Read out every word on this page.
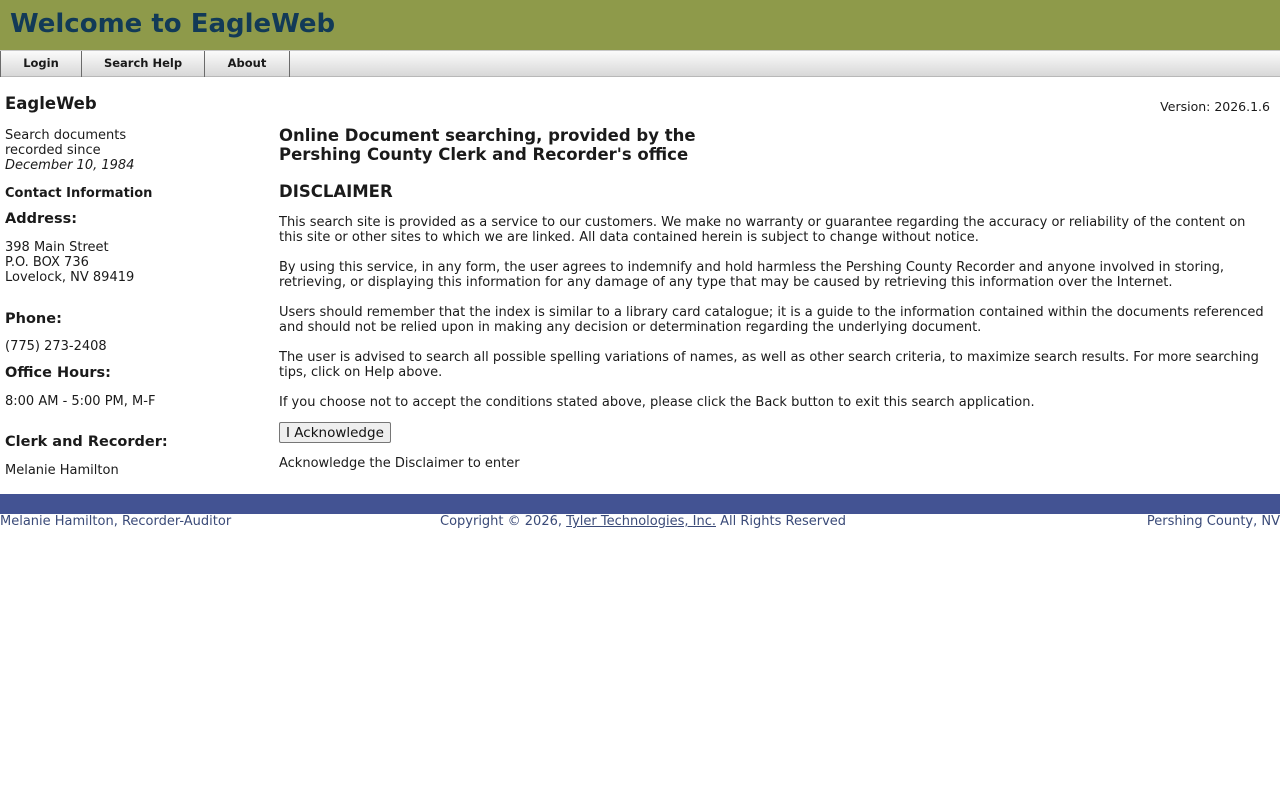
Welcome to EagleWeb
Login	Search Help	About
EagleWeb
Search documents
recorded since
December 10, 1984
Contact Information
Address:
398 Main Street
P.O. BOX 736
Lovelock, NV 89419
Phone:
(775) 273-2408
Office Hours:
8:00 AM - 5:00 PM, M-F
Clerk and Recorder:
Melanie Hamilton
Version: 2026.1.6
Online Document searching, provided by the
Pershing County Clerk and Recorder's office
DISCLAIMER
This search site is provided as a service to our customers. We make no warranty or guarantee regarding the accuracy or reliability of the content on this site or other sites to which we are linked. All data contained herein is subject to change without notice.
By using this service, in any form, the user agrees to indemnify and hold harmless the Pershing County Recorder and anyone involved in storing, retrieving, or displaying this information for any damage of any type that may be caused by retrieving this information over the Internet.
Users should remember that the index is similar to a library card catalogue; it is a guide to the information contained within the documents referenced and should not be relied upon in making any decision or determination regarding the underlying document.
The user is advised to search all possible spelling variations of names, as well as other search criteria, to maximize search results. For more searching tips, click on Help above.
If you choose not to accept the conditions stated above, please click the Back button to exit this search application.
I Acknowledge
Acknowledge the Disclaimer to enter
Melanie Hamilton, Recorder-Auditor	Copyright © 2026, Tyler Technologies, Inc. All Rights Reserved	Pershing County, NV
